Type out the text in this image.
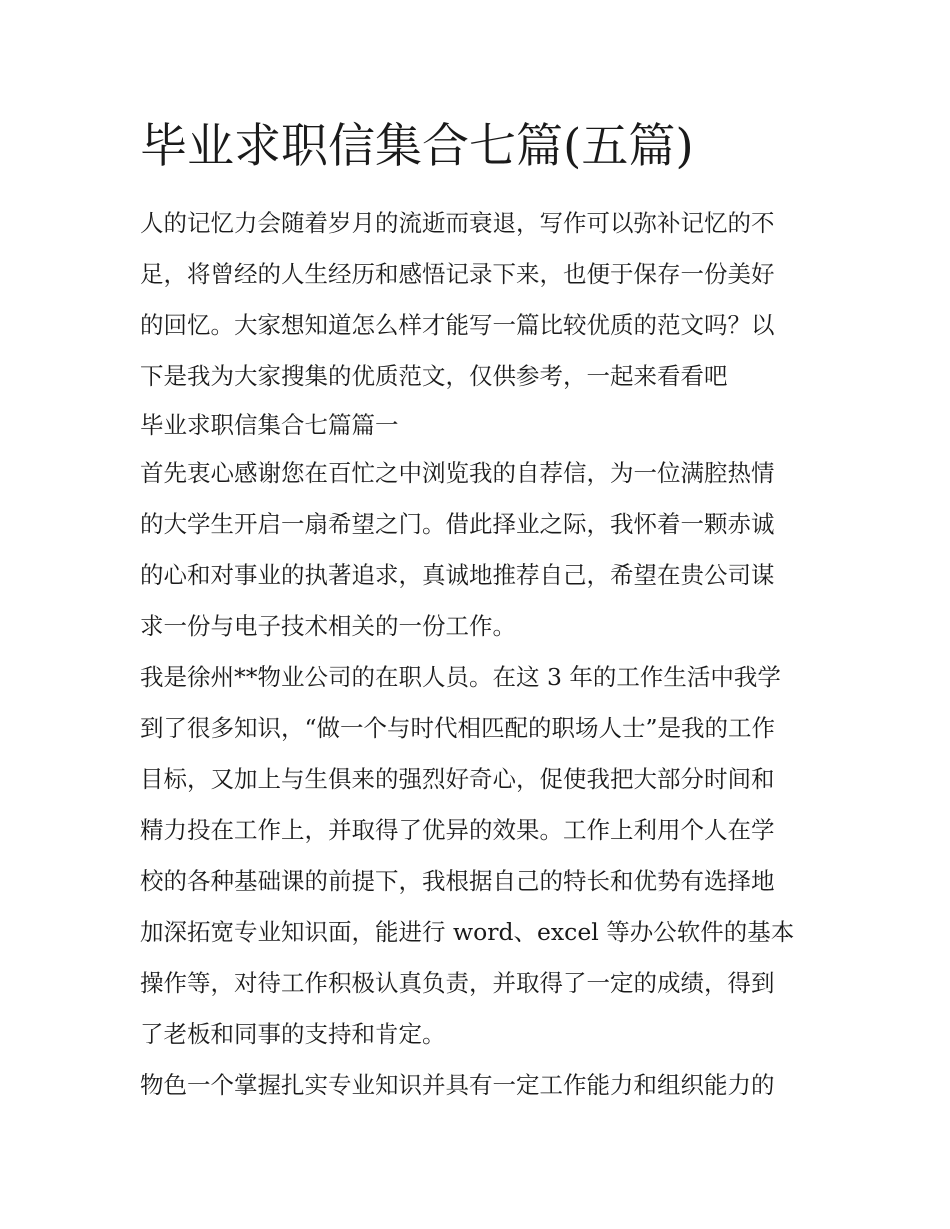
毕业求职信集合七篇(五篇)

人的记忆力会随着岁月的流逝而衰退，写作可以弥补记忆的不
足，将曾经的人生经历和感悟记录下来，也便于保存一份美好
的回忆。大家想知道怎么样才能写一篇比较优质的范文吗？以
下是我为大家搜集的优质范文，仅供参考，一起来看看吧

毕业求职信集合七篇篇一

首先衷心感谢您在百忙之中浏览我的自荐信，为一位满腔热情
的大学生开启一扇希望之门。借此择业之际，我怀着一颗赤诚
的心和对事业的执著追求，真诚地推荐自己，希望在贵公司谋
求一份与电子技术相关的一份工作。

我是徐州**物业公司的在职人员。在这 3 年的工作生活中我学
到了很多知识，“做一个与时代相匹配的职场人士”是我的工作
目标，又加上与生俱来的强烈好奇心，促使我把大部分时间和
精力投在工作上，并取得了优异的效果。工作上利用个人在学
校的各种基础课的前提下，我根据自己的特长和优势有选择地
加深拓宽专业知识面，能进行 word、excel 等办公软件的基本
操作等，对待工作积极认真负责，并取得了一定的成绩，得到
了老板和同事的支持和肯定。

物色一个掌握扎实专业知识并具有一定工作能力和组织能力的
